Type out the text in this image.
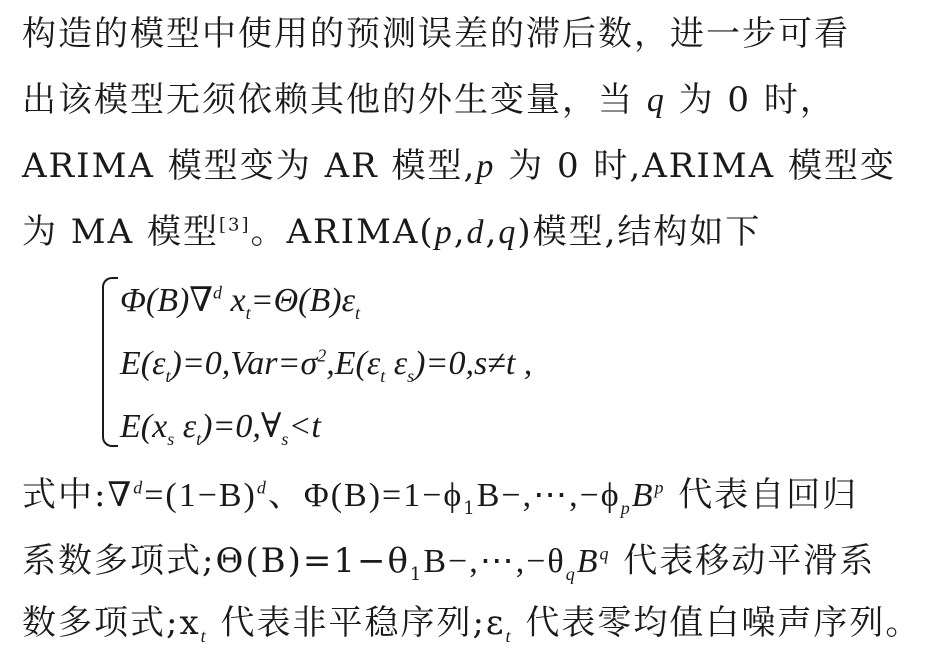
构造的模型中使用的预测误差的滞后数，进一步可看
出该模型无须依赖其他的外生变量，当 q 为 0 时，
ARIMA 模型变为 AR 模型,p 为 0 时,ARIMA 模型变
为 MA 模型[3]。ARIMA(p,d,q)模型,结构如下
Φ(B)∇$^d$ $x_t=\Theta(B)\varepsilon_t$
$E(\varepsilon_t)=0,Var=\sigma^2,E(\varepsilon_t$ $\varepsilon_s)=0,s\ne t$ ,
$E(x_s$ $\varepsilon_t)=0,\forall_s<t$
式中$:\nabla^d=(1-B)^d$、$\Phi(B)=1-\phi_1B-,\cdots,-\phi_pB^p$ 代表自回归
系数多项式$;\Theta(B)=1-\theta_1B-,\cdots,-\theta_qB^q$ 代表移动平滑系
数多项式$;x_t$ 代表非平稳序列$;\varepsilon_t$ 代表零均值白噪声序列。
